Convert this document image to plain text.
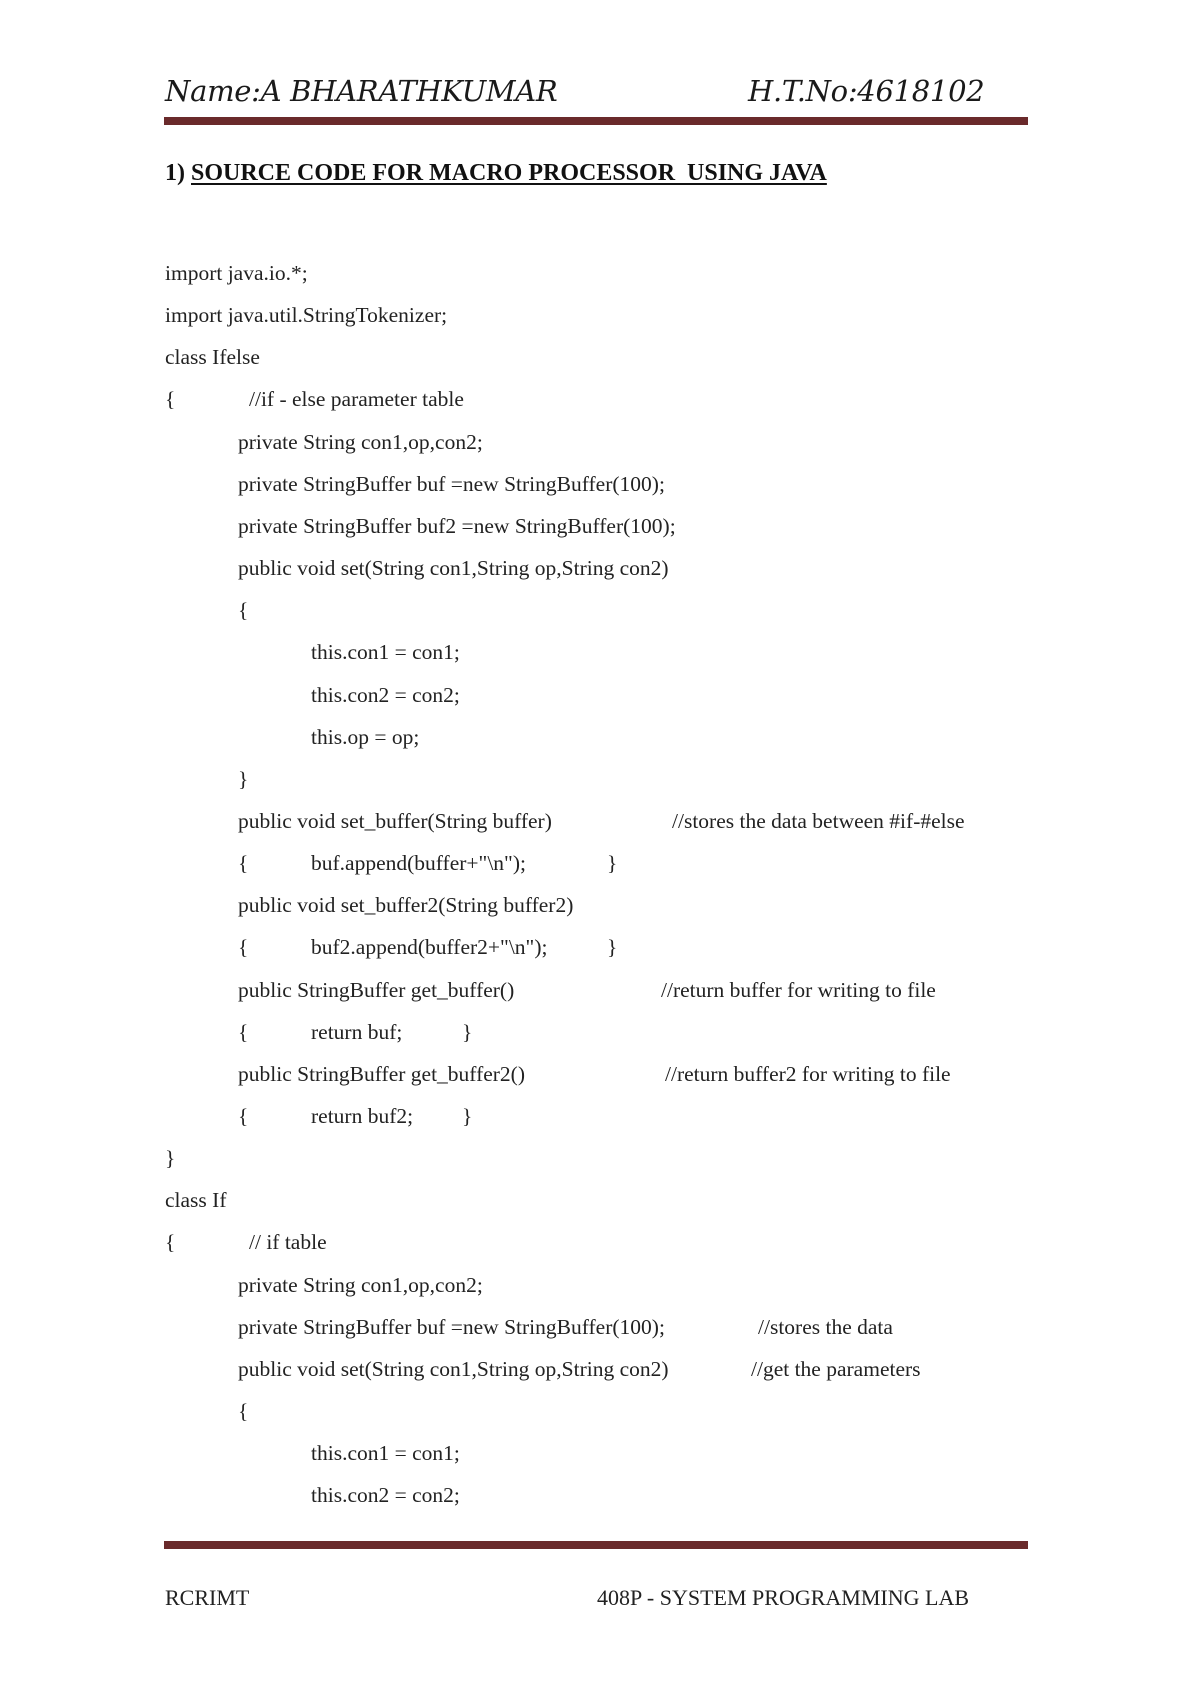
Name:A BHARATHKUMAR	H.T.No:4618102
1) SOURCE CODE FOR MACRO PROCESSOR  USING JAVA
import java.io.*;
import java.util.StringTokenizer;
class Ifelse
{	//if - else parameter table
private String con1,op,con2;
private StringBuffer buf =new StringBuffer(100);
private StringBuffer buf2 =new StringBuffer(100);
public void set(String con1,String op,String con2)
{
this.con1 = con1;
this.con2 = con2;
this.op = op;
}
public void set_buffer(String buffer)	//stores the data between #if-#else
{	buf.append(buffer+"\n");	}
public void set_buffer2(String buffer2)
{	buf2.append(buffer2+"\n");	}
public StringBuffer get_buffer()	//return buffer for writing to file
{	return buf;	}
public StringBuffer get_buffer2()	//return buffer2 for writing to file
{	return buf2; }
}
class If
{	// if table
private String con1,op,con2;
private StringBuffer buf =new StringBuffer(100);	//stores the data
public void set(String con1,String op,String con2)	//get the parameters
{
this.con1 = con1;
this.con2 = con2;
RCRIMT	408P - SYSTEM PROGRAMMING LAB
